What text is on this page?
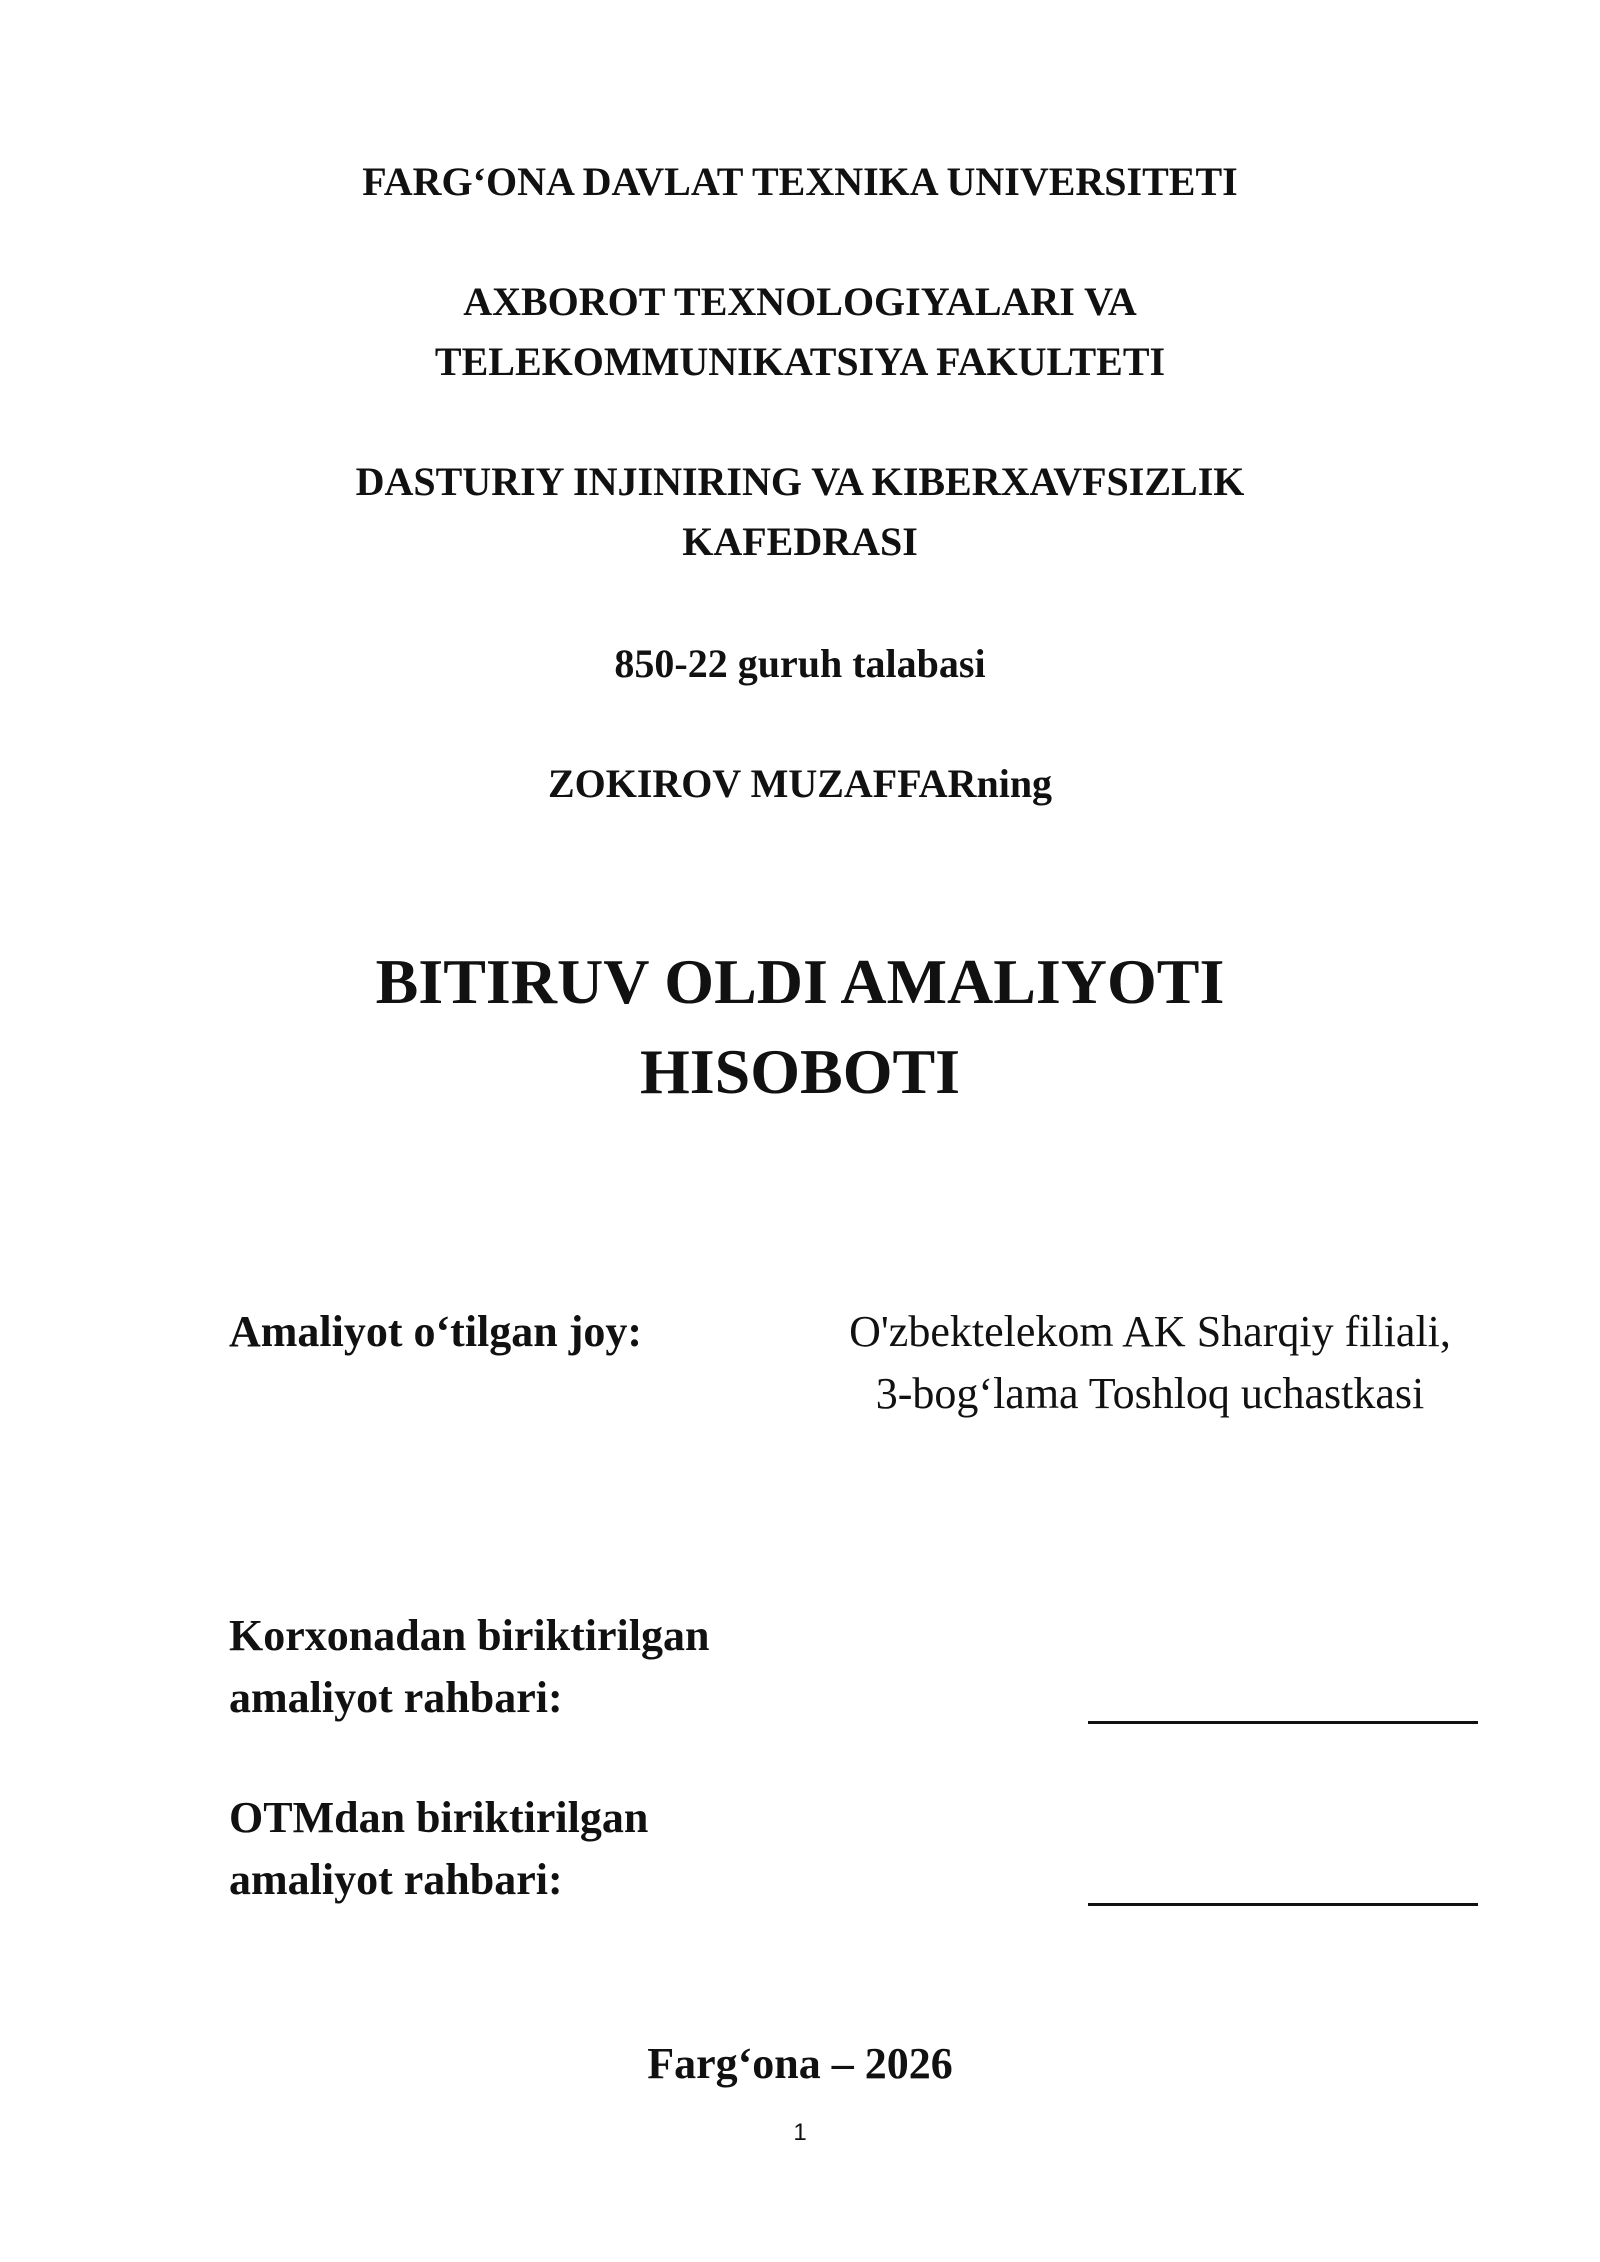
FARG‘ONA DAVLAT TEXNIKA UNIVERSITETI
AXBOROT TEXNOLOGIYALARI VA
TELEKOMMUNIKATSIYA FAKULTETI
DASTURIY INJINIRING VA KIBERXAVFSIZLIK
KAFEDRASI
850-22 guruh talabasi
ZOKIROV MUZAFFARning
BITIRUV OLDI AMALIYOTI
HISOBOTI
Amaliyot o‘tilgan joy:	O'zbektelekom AK Sharqiy filiali,
3-bog‘lama Toshloq uchastkasi
Korxonadan biriktirilgan
amaliyot rahbari:
OTMdan biriktirilgan
amaliyot rahbari:
Farg‘ona – 2026
1
